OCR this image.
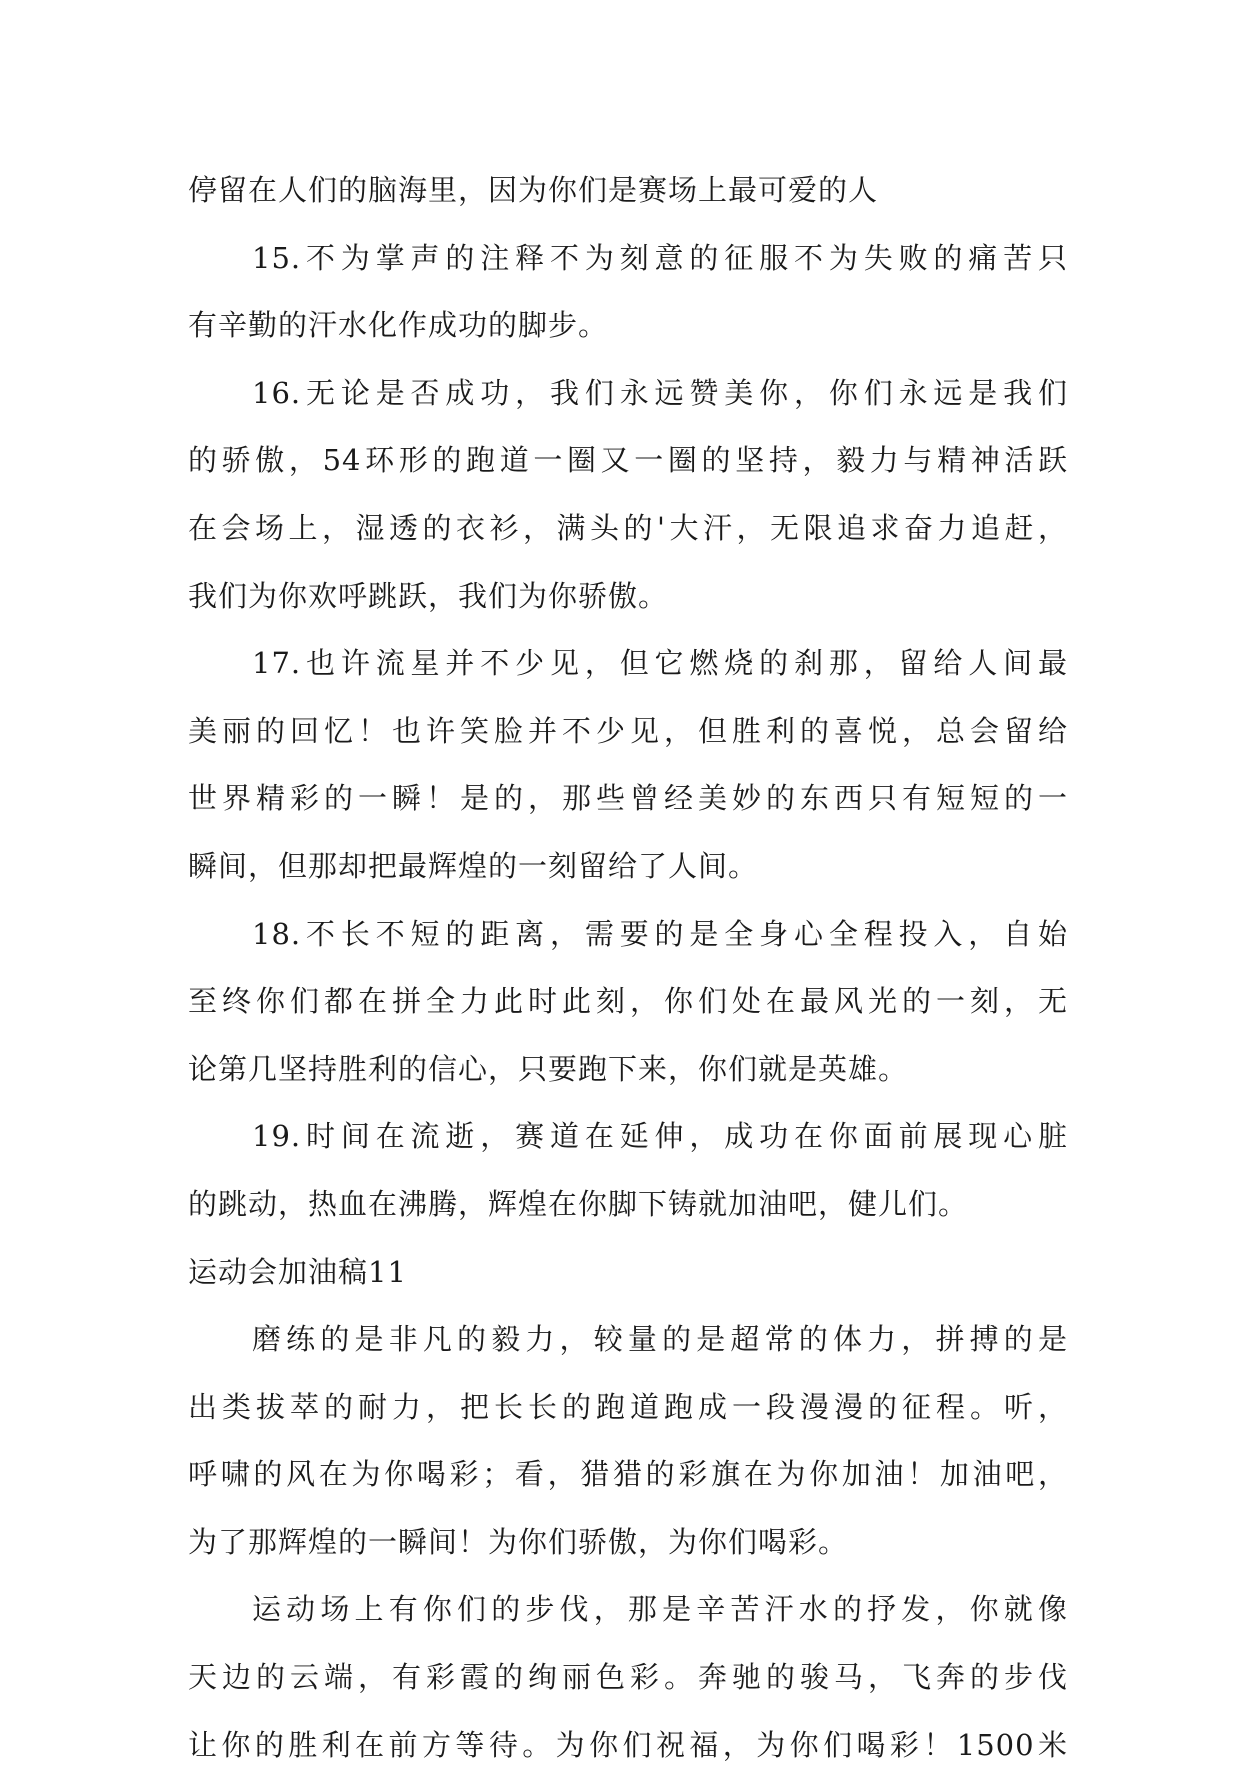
停留在人们的脑海里，因为你们是赛场上最可爱的人
15.不为掌声的注释不为刻意的征服不为失败的痛苦只
有辛勤的汗水化作成功的脚步。
16.无论是否成功，我们永远赞美你，你们永远是我们
的骄傲，54环形的跑道一圈又一圈的坚持，毅力与精神活跃
在会场上，湿透的衣衫，满头的'大汗，无限追求奋力追赶，
我们为你欢呼跳跃，我们为你骄傲。
17.也许流星并不少见，但它燃烧的刹那，留给人间最
美丽的回忆！也许笑脸并不少见，但胜利的喜悦，总会留给
世界精彩的一瞬！是的，那些曾经美妙的东西只有短短的一
瞬间，但那却把最辉煌的一刻留给了人间。
18.不长不短的距离，需要的是全身心全程投入，自始
至终你们都在拼全力此时此刻，你们处在最风光的一刻，无
论第几坚持胜利的信心，只要跑下来，你们就是英雄。
19.时间在流逝，赛道在延伸，成功在你面前展现心脏
的跳动，热血在沸腾，辉煌在你脚下铸就加油吧，健儿们。
运动会加油稿11
磨练的是非凡的毅力，较量的是超常的体力，拼搏的是
出类拔萃的耐力，把长长的跑道跑成一段漫漫的征程。听，
呼啸的风在为你喝彩；看，猎猎的彩旗在为你加油！加油吧，
为了那辉煌的一瞬间！为你们骄傲，为你们喝彩。
运动场上有你们的步伐，那是辛苦汗水的抒发，你就像
天边的云端，有彩霞的绚丽色彩。奔驰的骏马，飞奔的步伐
让你的胜利在前方等待。为你们祝福，为你们喝彩！1500米
